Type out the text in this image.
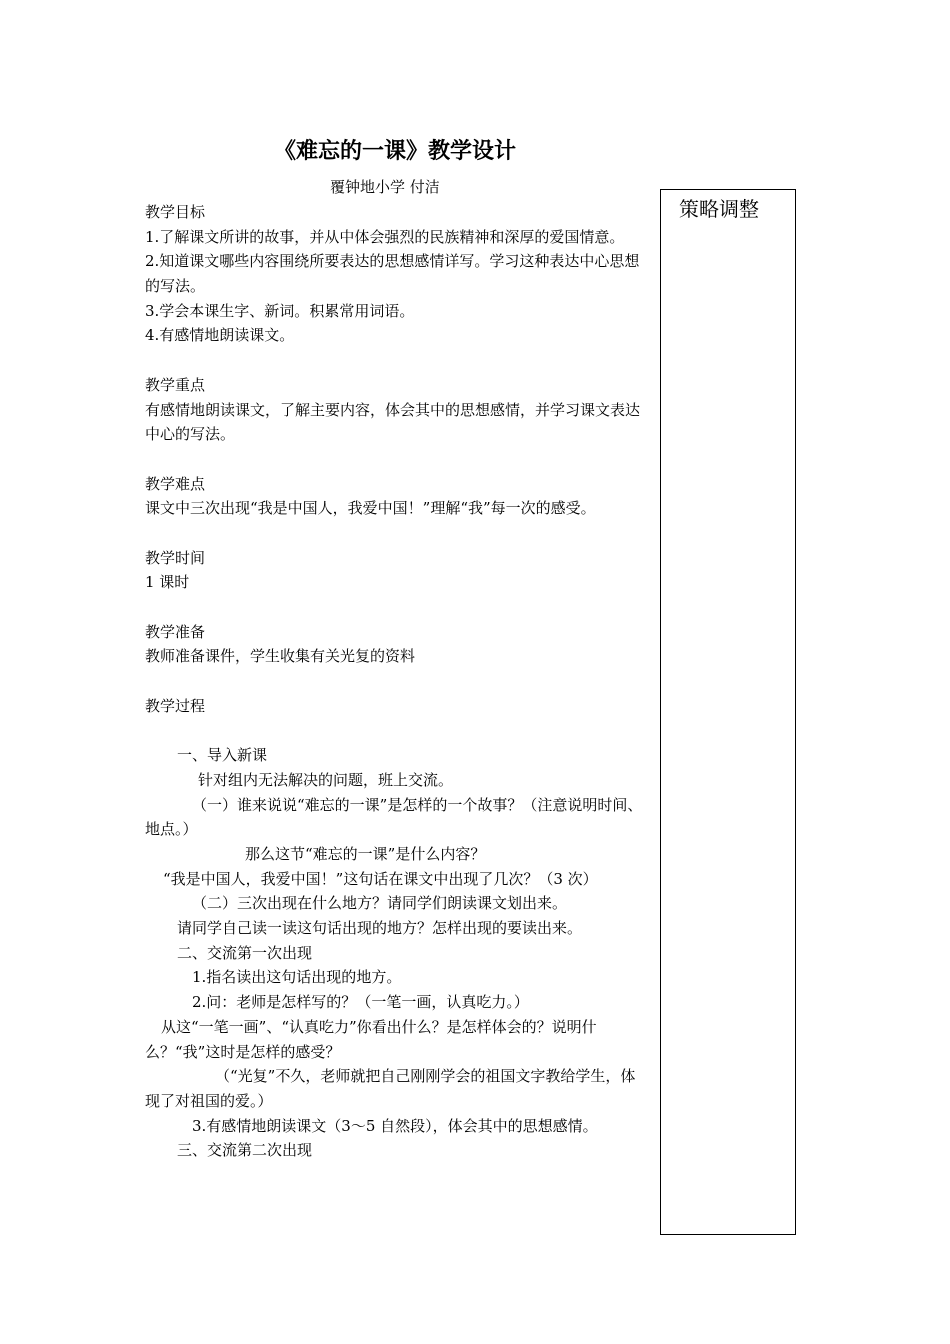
《难忘的一课》教学设计
覆钟地小学 付洁
策略调整
教学目标
1.了解课文所讲的故事，并从中体会强烈的民族精神和深厚的爱国情意。
2.知道课文哪些内容围绕所要表达的思想感情详写。学习这种表达中心思想的写法。
3.学会本课生字、新词。积累常用词语。
4.有感情地朗读课文。
教学重点
有感情地朗读课文，了解主要内容，体会其中的思想感情，并学习课文表达中心的写法。
教学难点
课文中三次出现“我是中国人，我爱中国！”理解“我”每一次的感受。
教学时间
1 课时
教学准备
教师准备课件，学生收集有关光复的资料
教学过程
一、导入新课
针对组内无法解决的问题，班上交流。
（一）谁来说说“难忘的一课”是怎样的一个故事？（注意说明时间、地点。）
那么这节“难忘的一课”是什么内容？
“我是中国人，我爱中国！”这句话在课文中出现了几次？（3 次）
（二）三次出现在什么地方？请同学们朗读课文划出来。
请同学自己读一读这句话出现的地方？怎样出现的要读出来。
二、交流第一次出现
1.指名读出这句话出现的地方。
2.问：老师是怎样写的？（一笔一画，认真吃力。）
从这“一笔一画”、“认真吃力”你看出什么？是怎样体会的？说明什么？“我”这时是怎样的感受？
（“光复”不久，老师就把自己刚刚学会的祖国文字教给学生，体现了对祖国的爱。）
3.有感情地朗读课文（3～5 自然段），体会其中的思想感情。
三、交流第二次出现
